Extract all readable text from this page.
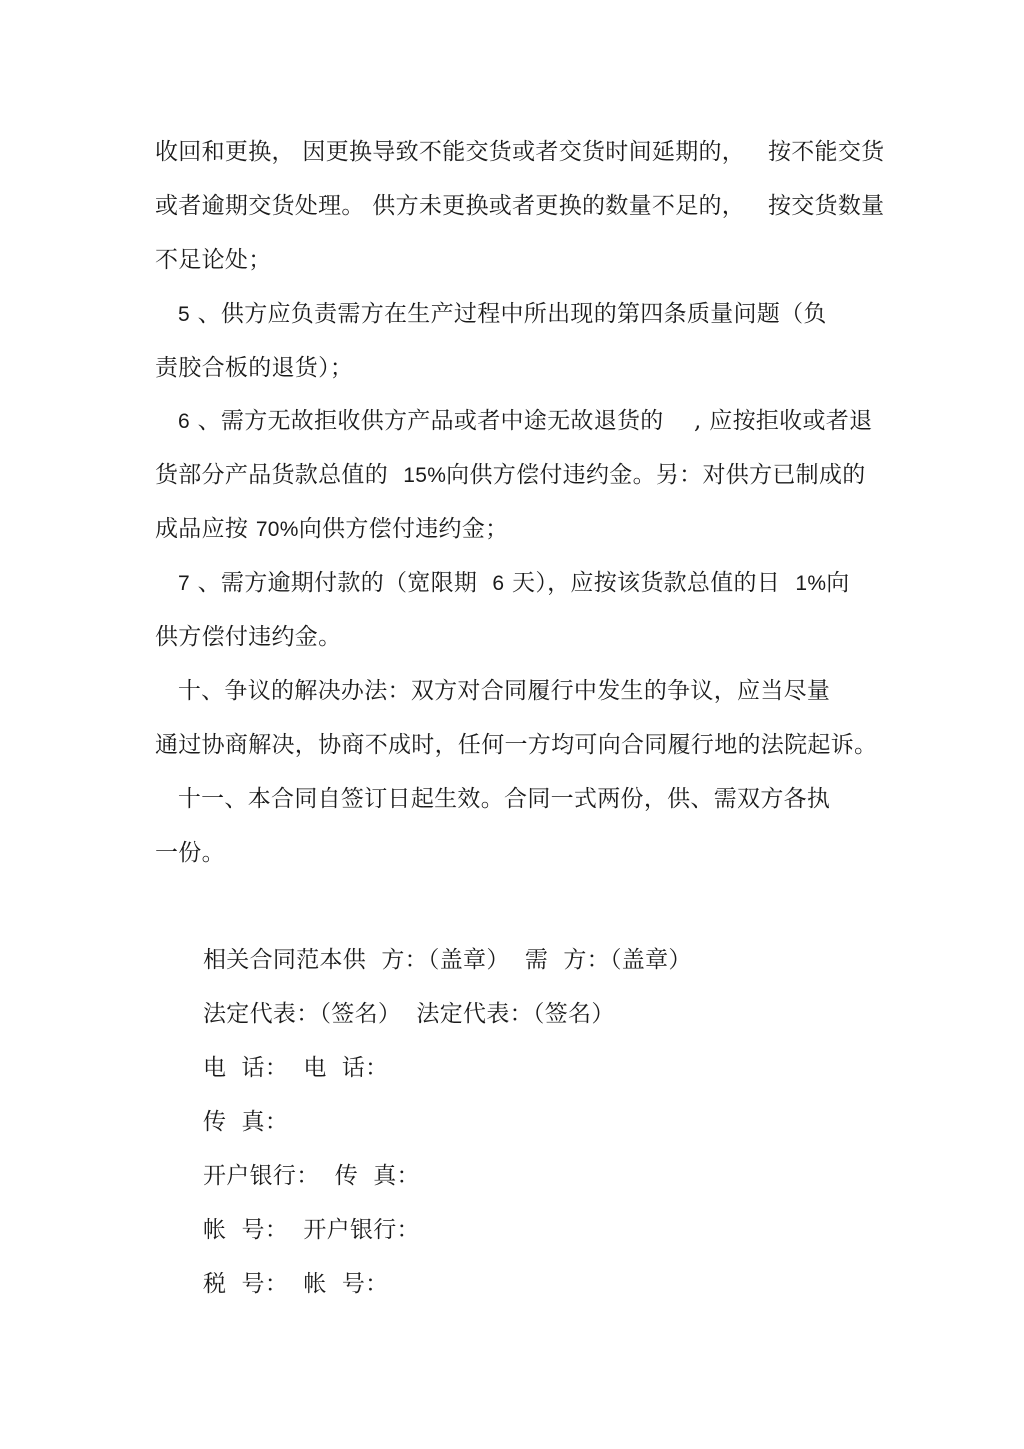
收回和更换， 因更换导致不能交货或者交货时间延期的，   按不能交货
或者逾期交货处理。 供方未更换或者更换的数量不足的，   按交货数量
不足论处；
5 、供方应负责需方在生产过程中所出现的第四条质量问题（负
责胶合板的退货）；
6 、需方无故拒收供方产品或者中途无故退货的    , 应按拒收或者退
货部分产品货款总值的  15%向供方偿付违约金。另：对供方已制成的
成品应按 70%向供方偿付违约金；
7 、需方逾期付款的（宽限期  6 天），应按该货款总值的日  1%向
供方偿付违约金。
十、争议的解决办法：双方对合同履行中发生的争议，应当尽量
通过协商解决，协商不成时，任何一方均可向合同履行地的法院起诉。
十一、本合同自签订日起生效。合同一式两份，供、需双方各执
一份。
相关合同范本供  方：（盖章）  需  方：（盖章）
法定代表：（签名）  法定代表：（签名）
电  话：  电  话：
传  真：
开户银行：  传  真：
帐  号：  开户银行：
税  号：  帐  号：
